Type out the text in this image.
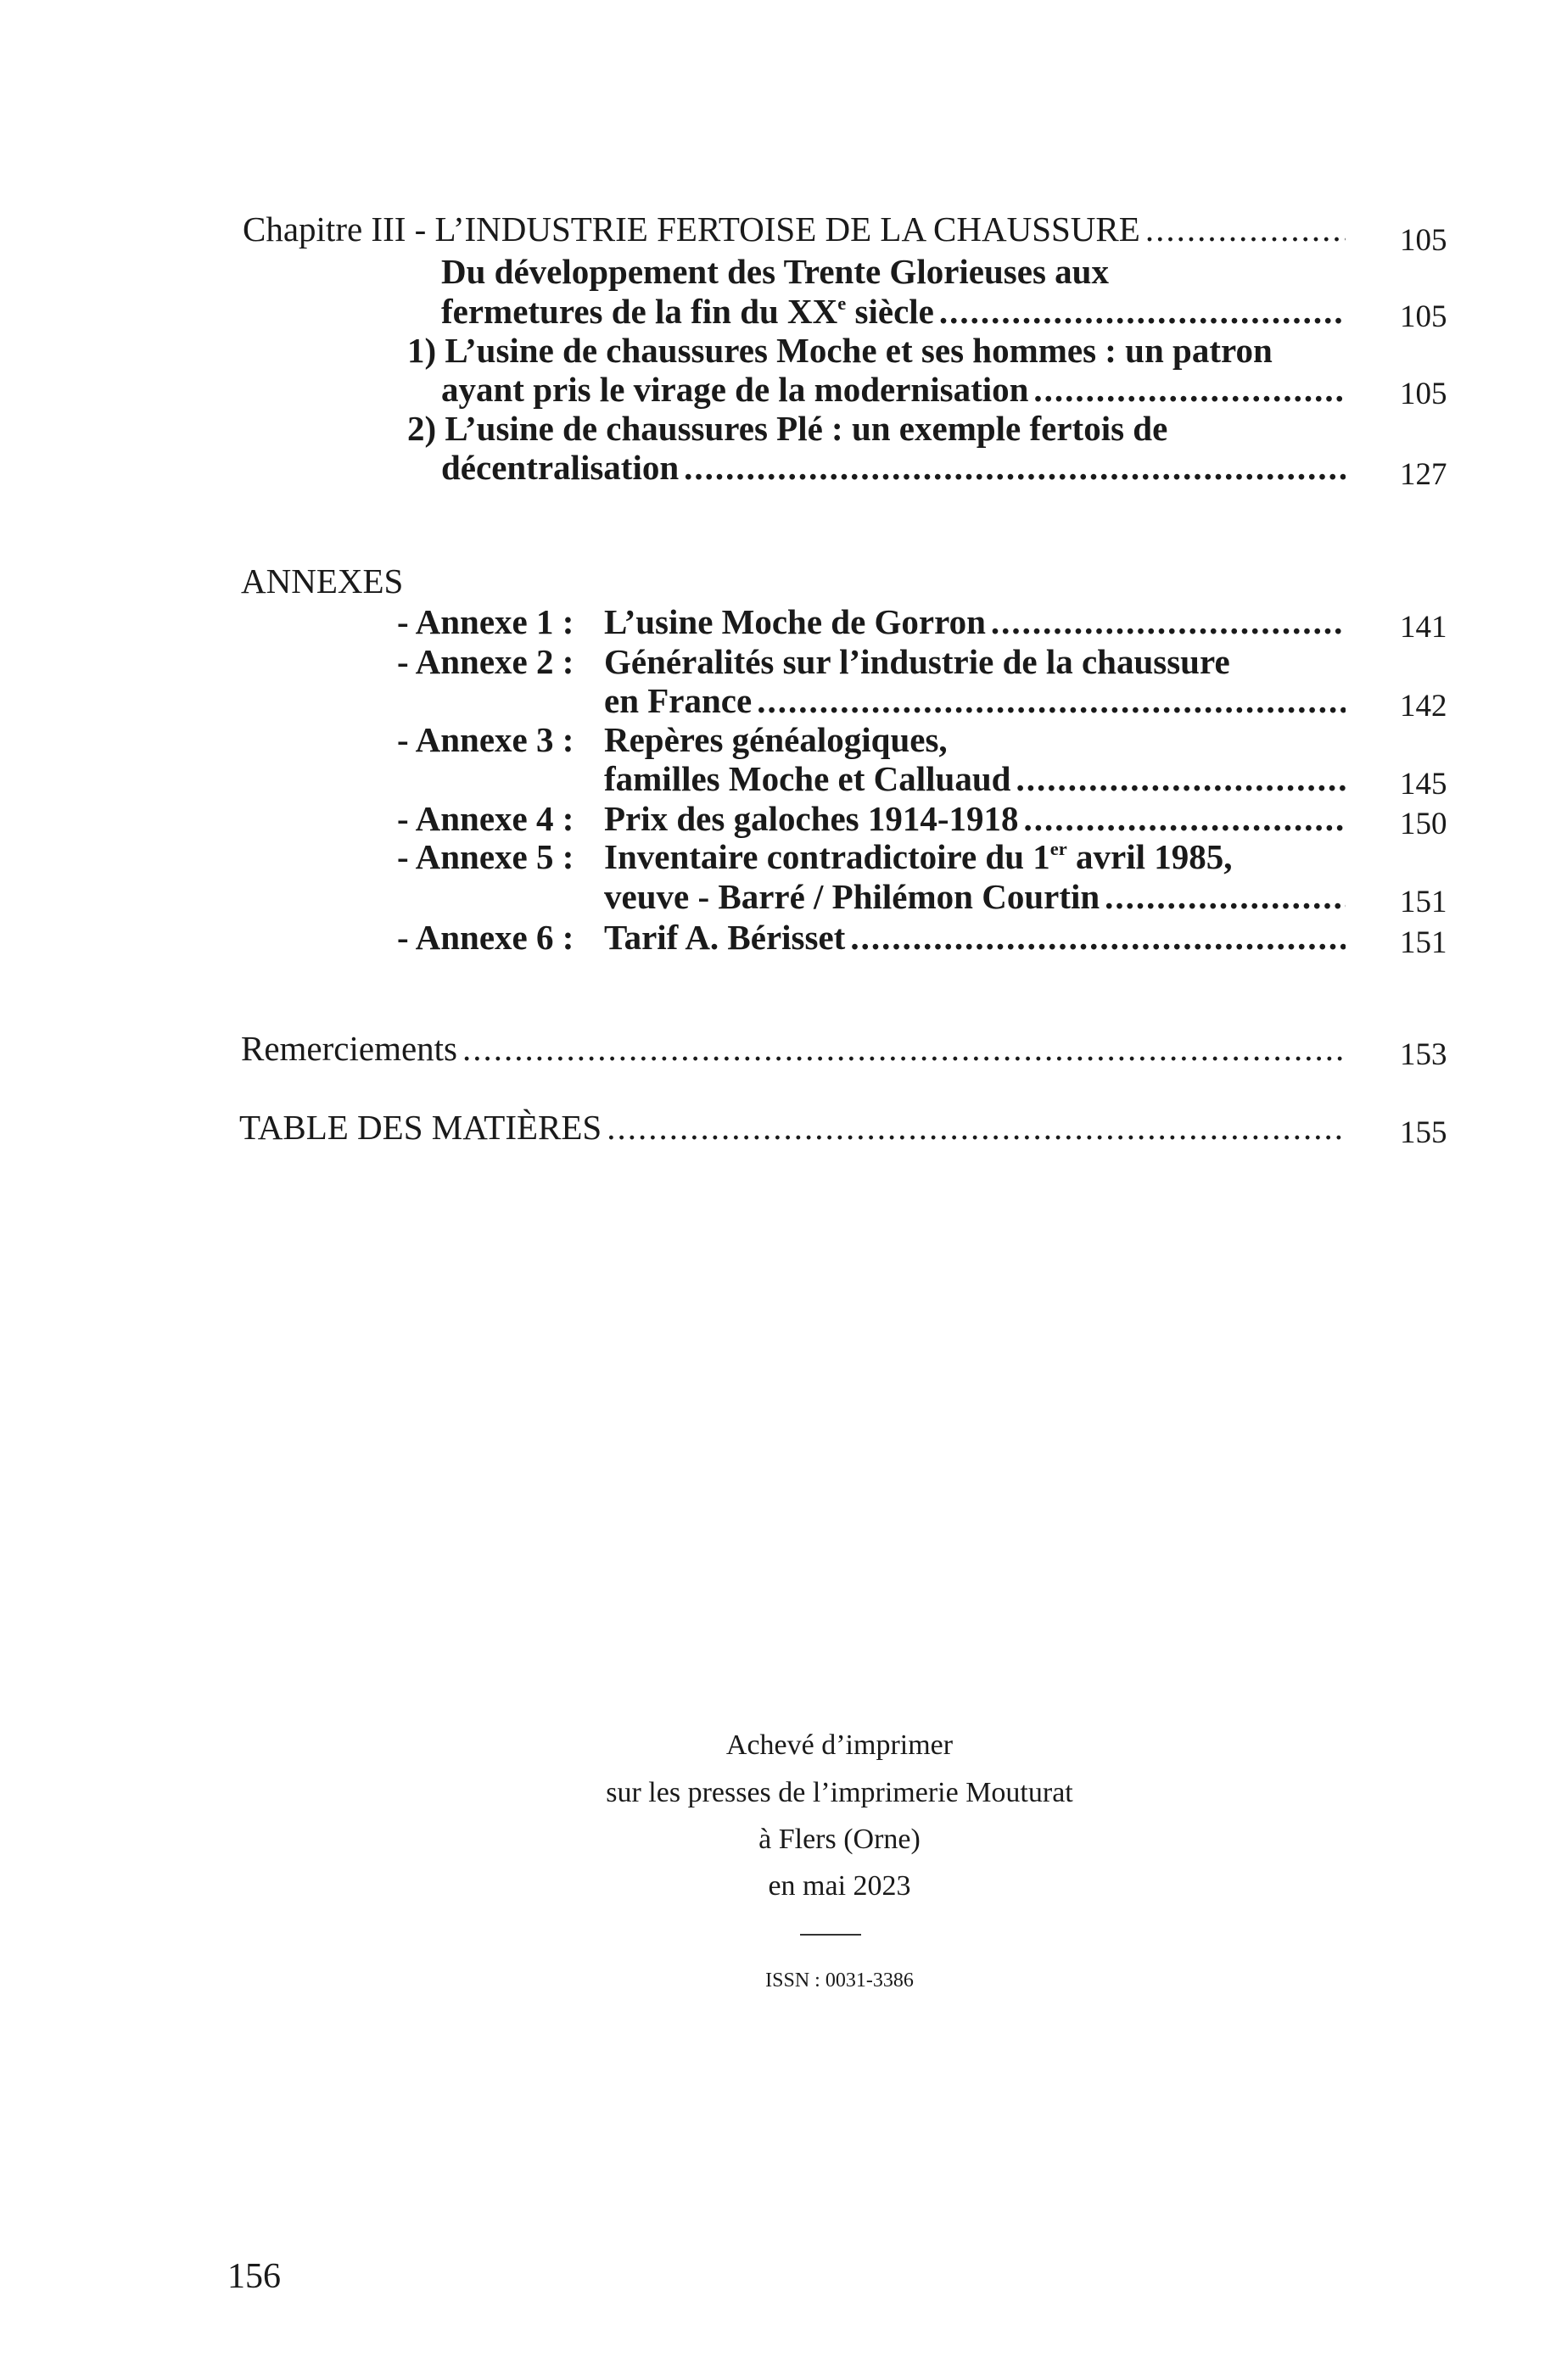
Chapitre III - L’INDUSTRIE FERTOISE DE LA CHAUSSURE .....	105
Du développement des Trente Glorieuses aux
fermetures de la fin du XXe siècle .....	105
1) L’usine de chaussures Moche et ses hommes : un patron
ayant pris le virage de la modernisation .....	105
2) L’usine de chaussures Plé : un exemple fertois de
décentralisation .....	127
ANNEXES
- Annexe 1 : L’usine Moche de Gorron .....	141
- Annexe 2 : Généralités sur l’industrie de la chaussure
en France .....	142
- Annexe 3 : Repères généalogiques,
familles Moche et Calluaud .....	145
- Annexe 4 : Prix des galoches 1914-1918 .....	150
- Annexe 5 : Inventaire contradictoire du 1er avril 1985,
veuve - Barré / Philémon Courtin .....	151
- Annexe 6 : Tarif A. Bérisset .....	151
Remerciements .....	153
TABLE DES MATIÈRES .....	155
Achevé d’imprimer
sur les presses de l’imprimerie Mouturat
à Flers (Orne)
en mai 2023
ISSN : 0031-3386
156
